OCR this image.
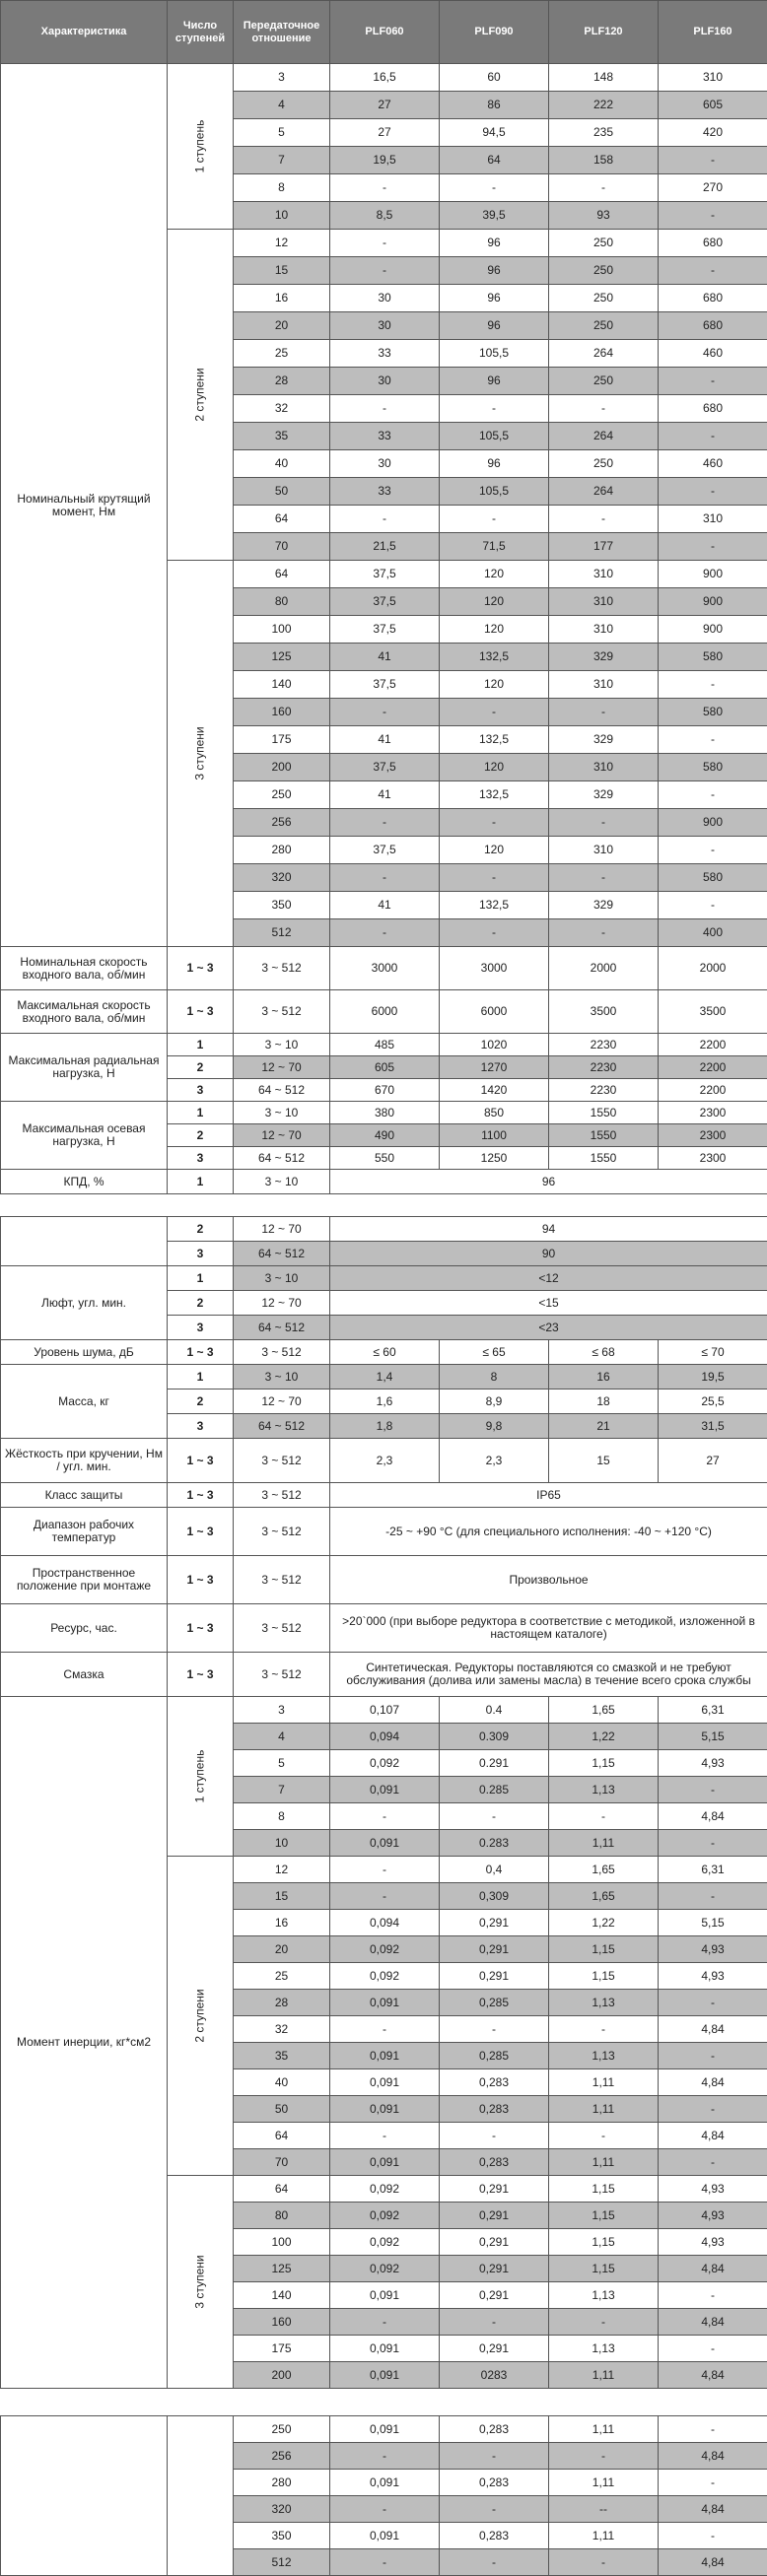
Характеристика	Число ступеней	Передаточное отношение	PLF060	PLF090	PLF120	PLF160
Номинальный крутящий момент, Нм	1 ступень	3	16,5	60	148	310
		4	27	86	222	605
		5	27	94,5	235	420
		7	19,5	64	158	-
		8	-	-	-	270
		10	8,5	39,5	93	-
	2 ступени	12	-	96	250	680
		15	-	96	250	-
		16	30	96	250	680
		20	30	96	250	680
		25	33	105,5	264	460
		28	30	96	250	-
		32	-	-	-	680
		35	33	105,5	264	-
		40	30	96	250	460
		50	33	105,5	264	-
		64	-	-	-	310
		70	21,5	71,5	177	-
	3 ступени	64	37,5	120	310	900
		80	37,5	120	310	900
		100	37,5	120	310	900
		125	41	132,5	329	580
		140	37,5	120	310	-
		160	-	-	-	580
		175	41	132,5	329	-
		200	37,5	120	310	580
		250	41	132,5	329	-
		256	-	-	-	900
		280	37,5	120	310	-
		320	-	-	-	580
		350	41	132,5	329	-
		512	-	-	-	400
Номинальная скорость входного вала, об/мин	1 ~ 3	3 ~ 512	3000	3000	2000	2000
Максимальная скорость входного вала, об/мин	1 ~ 3	3 ~ 512	6000	6000	3500	3500
Максимальная радиальная нагрузка, Н	1	3 ~ 10	485	1020	2230	2200
	2	12 ~ 70	605	1270	2230	2200
	3	64 ~ 512	670	1420	2230	2200
Максимальная осевая нагрузка, Н	1	3 ~ 10	380	850	1550	2300
	2	12 ~ 70	490	1100	1550	2300
	3	64 ~ 512	550	1250	1550	2300
КПД, %	1	3 ~ 10	96			
	2	12 ~ 70	94			
	3	64 ~ 512	90			
Люфт, угл. мин.	1	3 ~ 10	<12			
	2	12 ~ 70	<15			
	3	64 ~ 512	<23			
Уровень шума, дБ	1 ~ 3	3 ~ 512	≤ 60	≤ 65	≤ 68	≤ 70
Масса, кг	1	3 ~ 10	1,4	8	16	19,5
	2	12 ~ 70	1,6	8,9	18	25,5
	3	64 ~ 512	1,8	9,8	21	31,5
Жёсткость при кручении, Нм / угл. мин.	1 ~ 3	3 ~ 512	2,3	2,3	15	27
Класс защиты	1 ~ 3	3 ~ 512	IP65			
Диапазон рабочих температур	1 ~ 3	3 ~ 512	-25 ~ +90 °C (для специального исполнения: -40 ~ +120 °C)			
Пространственное положение при монтаже	1 ~ 3	3 ~ 512	Произвольное			
Ресурс, час.	1 ~ 3	3 ~ 512	>20`000 (при выборе редуктора в соответствие с методикой, изложенной в настоящем каталоге)			
Смазка	1 ~ 3	3 ~ 512	Синтетическая. Редукторы поставляются со смазкой и не требуют обслуживания (долива или замены масла) в течение всего срока службы			
Момент инерции, кг*см2	1 ступень	3	0,107	0.4	1,65	6,31
		4	0,094	0.309	1,22	5,15
		5	0,092	0.291	1,15	4,93
		7	0,091	0.285	1,13	-
		8	-	-	-	4,84
		10	0,091	0.283	1,11	-
	2 ступени	12	-	0,4	1,65	6,31
		15	-	0,309	1,65	-
		16	0,094	0,291	1,22	5,15
		20	0,092	0,291	1,15	4,93
		25	0,092	0,291	1,15	4,93
		28	0,091	0,285	1,13	-
		32	-	-	-	4,84
		35	0,091	0,285	1,13	-
		40	0,091	0,283	1,11	4,84
		50	0,091	0,283	1,11	-
		64	-	-	-	4,84
		70	0,091	0,283	1,11	-
	3 ступени	64	0,092	0,291	1,15	4,93
		80	0,092	0,291	1,15	4,93
		100	0,092	0,291	1,15	4,93
		125	0,092	0,291	1,15	4,84
		140	0,091	0,291	1,13	-
		160	-	-	-	4,84
		175	0,091	0,291	1,13	-
		200	0,091	0283	1,11	4,84
		250	0,091	0,283	1,11	-
		256	-	-	-	4,84
		280	0,091	0,283	1,11	-
		320	-	-	--	4,84
		350	0,091	0,283	1,11	-
		512	-	-	-	4,84
